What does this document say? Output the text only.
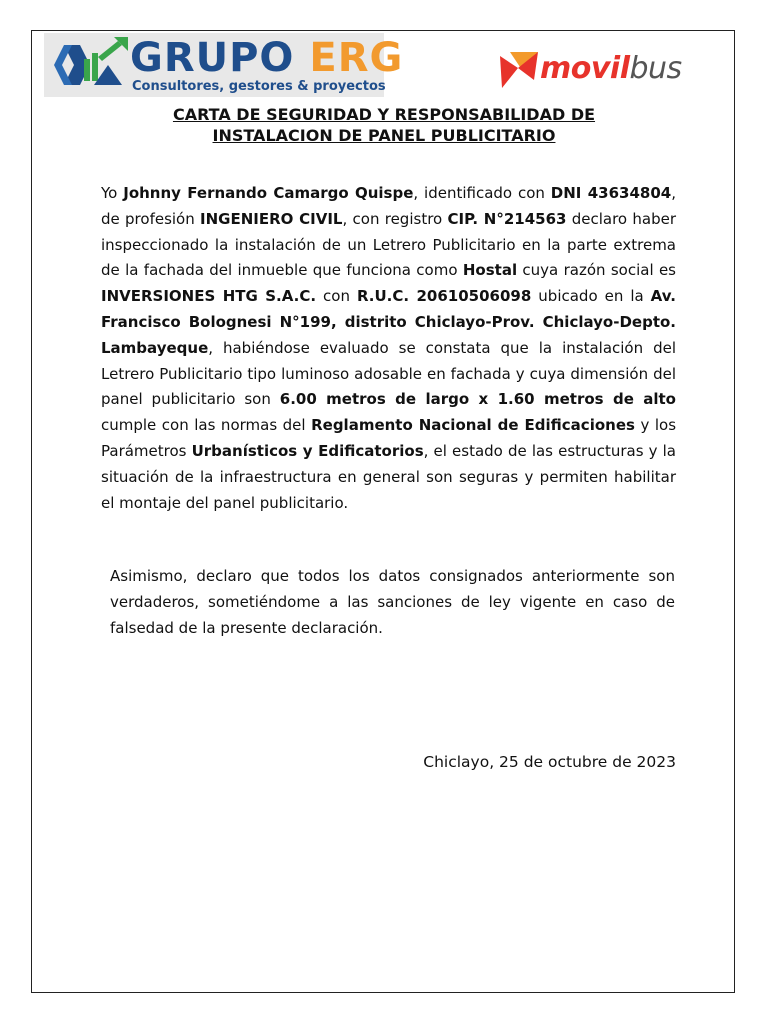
GRUPO ERG
Consultores, gestores & proyectos
movilbus
CARTA DE SEGURIDAD Y RESPONSABILIDAD DE
INSTALACION DE PANEL PUBLICITARIO
Yo Johnny Fernando Camargo Quispe, identificado con DNI 43634804, de profesión INGENIERO CIVIL, con registro CIP. N°214563 declaro haber inspeccionado la instalación de un Letrero Publicitario en la parte extrema de la fachada del inmueble que funciona como Hostal cuya razón social es INVERSIONES HTG S.A.C. con R.U.C. 20610506098 ubicado en la Av. Francisco Bolognesi N°199, distrito Chiclayo-Prov. Chiclayo-Depto. Lambayeque, habiéndose evaluado se constata que la instalación del Letrero Publicitario tipo luminoso adosable en fachada y cuya dimensión del panel publicitario son 6.00 metros de largo x 1.60 metros de alto cumple con las normas del Reglamento Nacional de Edificaciones y los Parámetros Urbanísticos y Edificatorios, el estado de las estructuras y la situación de la infraestructura en general son seguras y permiten habilitar el montaje del panel publicitario.
Asimismo, declaro que todos los datos consignados anteriormente son verdaderos, sometiéndome a las sanciones de ley vigente en caso de falsedad de la presente declaración.
Chiclayo, 25 de octubre de 2023
